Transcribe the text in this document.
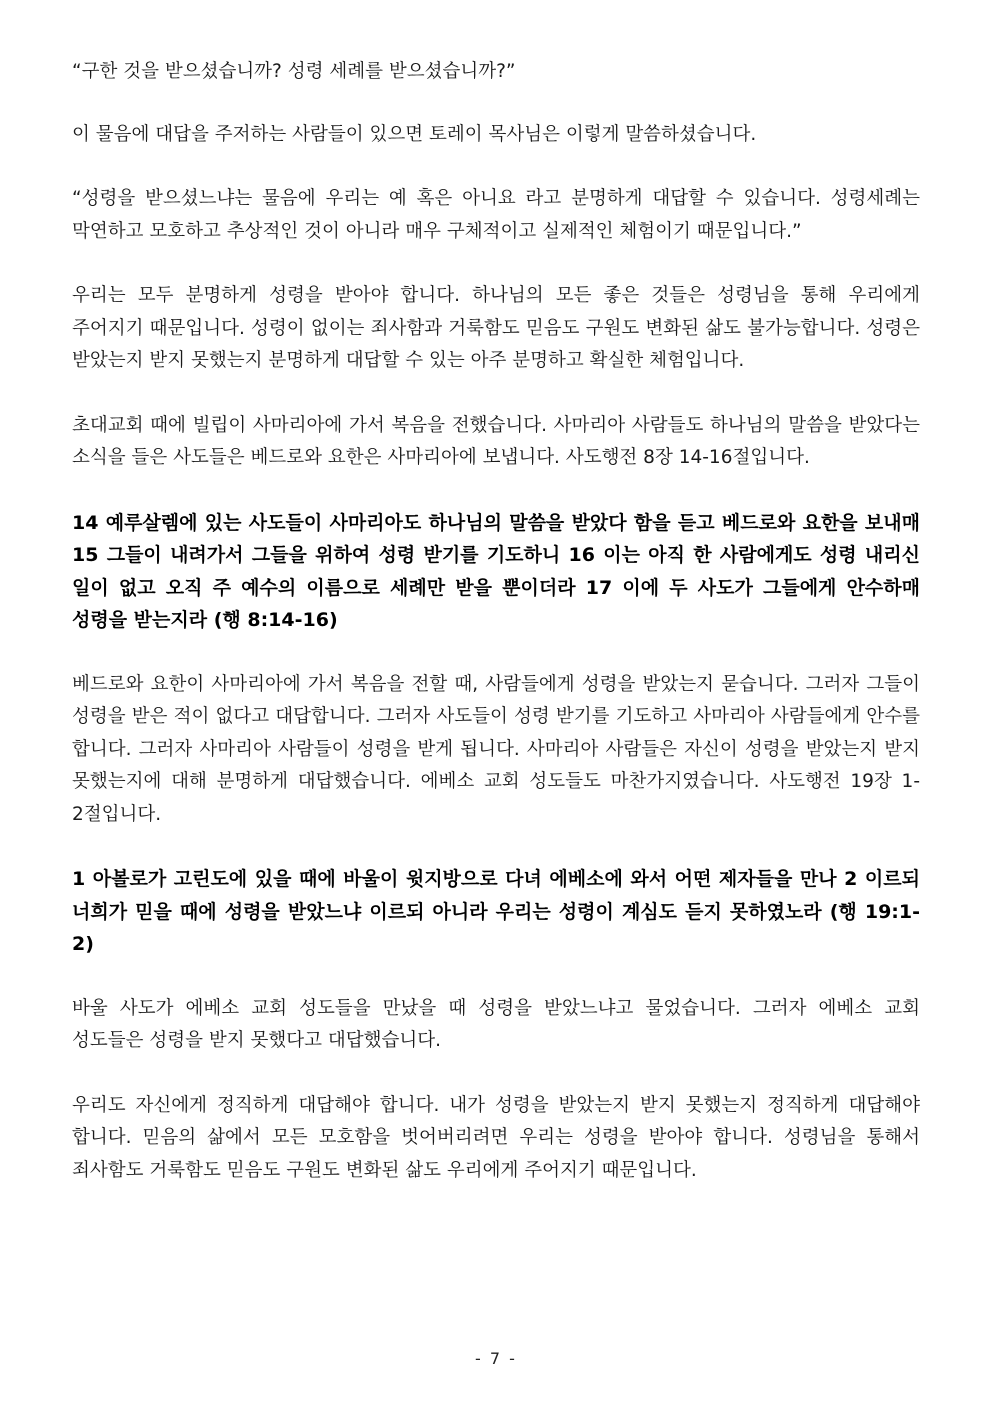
“구한 것을 받으셨습니까? 성령 세례를 받으셨습니까?”

이 물음에 대답을 주저하는 사람들이 있으면 토레이 목사님은 이렇게 말씀하셨습니다.

“성령을 받으셨느냐는 물음에 우리는 예 혹은 아니요 라고 분명하게 대답할 수 있습니다. 성령세례는 막연하고 모호하고 추상적인 것이 아니라 매우 구체적이고 실제적인 체험이기 때문입니다.”

우리는 모두 분명하게 성령을 받아야 합니다. 하나님의 모든 좋은 것들은 성령님을 통해 우리에게 주어지기 때문입니다. 성령이 없이는 죄사함과 거룩함도 믿음도 구원도 변화된 삶도 불가능합니다. 성령은 받았는지 받지 못했는지 분명하게 대답할 수 있는 아주 분명하고 확실한 체험입니다.

초대교회 때에 빌립이 사마리아에 가서 복음을 전했습니다. 사마리아 사람들도 하나님의 말씀을 받았다는 소식을 들은 사도들은 베드로와 요한은 사마리아에 보냅니다. 사도행전 8장 14-16절입니다.

14 예루살렘에 있는 사도들이 사마리아도 하나님의 말씀을 받았다 함을 듣고 베드로와 요한을 보내매 15 그들이 내려가서 그들을 위하여 성령 받기를 기도하니 16 이는 아직 한 사람에게도 성령 내리신 일이 없고 오직 주 예수의 이름으로 세례만 받을 뿐이더라 17 이에 두 사도가 그들에게 안수하매 성령을 받는지라 (행 8:14-16)

베드로와 요한이 사마리아에 가서 복음을 전할 때, 사람들에게 성령을 받았는지 묻습니다. 그러자 그들이 성령을 받은 적이 없다고 대답합니다. 그러자 사도들이 성령 받기를 기도하고 사마리아 사람들에게 안수를 합니다. 그러자 사마리아 사람들이 성령을 받게 됩니다. 사마리아 사람들은 자신이 성령을 받았는지 받지 못했는지에 대해 분명하게 대답했습니다. 에베소 교회 성도들도 마찬가지였습니다. 사도행전 19장 1-2절입니다.

1 아볼로가 고린도에 있을 때에 바울이 윗지방으로 다녀 에베소에 와서 어떤 제자들을 만나 2 이르되 너희가 믿을 때에 성령을 받았느냐 이르되 아니라 우리는 성령이 계심도 듣지 못하였노라 (행 19:1-2)

바울 사도가 에베소 교회 성도들을 만났을 때 성령을 받았느냐고 물었습니다. 그러자 에베소 교회 성도들은 성령을 받지 못했다고 대답했습니다.

우리도 자신에게 정직하게 대답해야 합니다. 내가 성령을 받았는지 받지 못했는지 정직하게 대답해야 합니다. 믿음의 삶에서 모든 모호함을 벗어버리려면 우리는 성령을 받아야 합니다. 성령님을 통해서 죄사함도 거룩함도 믿음도 구원도 변화된 삶도 우리에게 주어지기 때문입니다.

- 7 -
